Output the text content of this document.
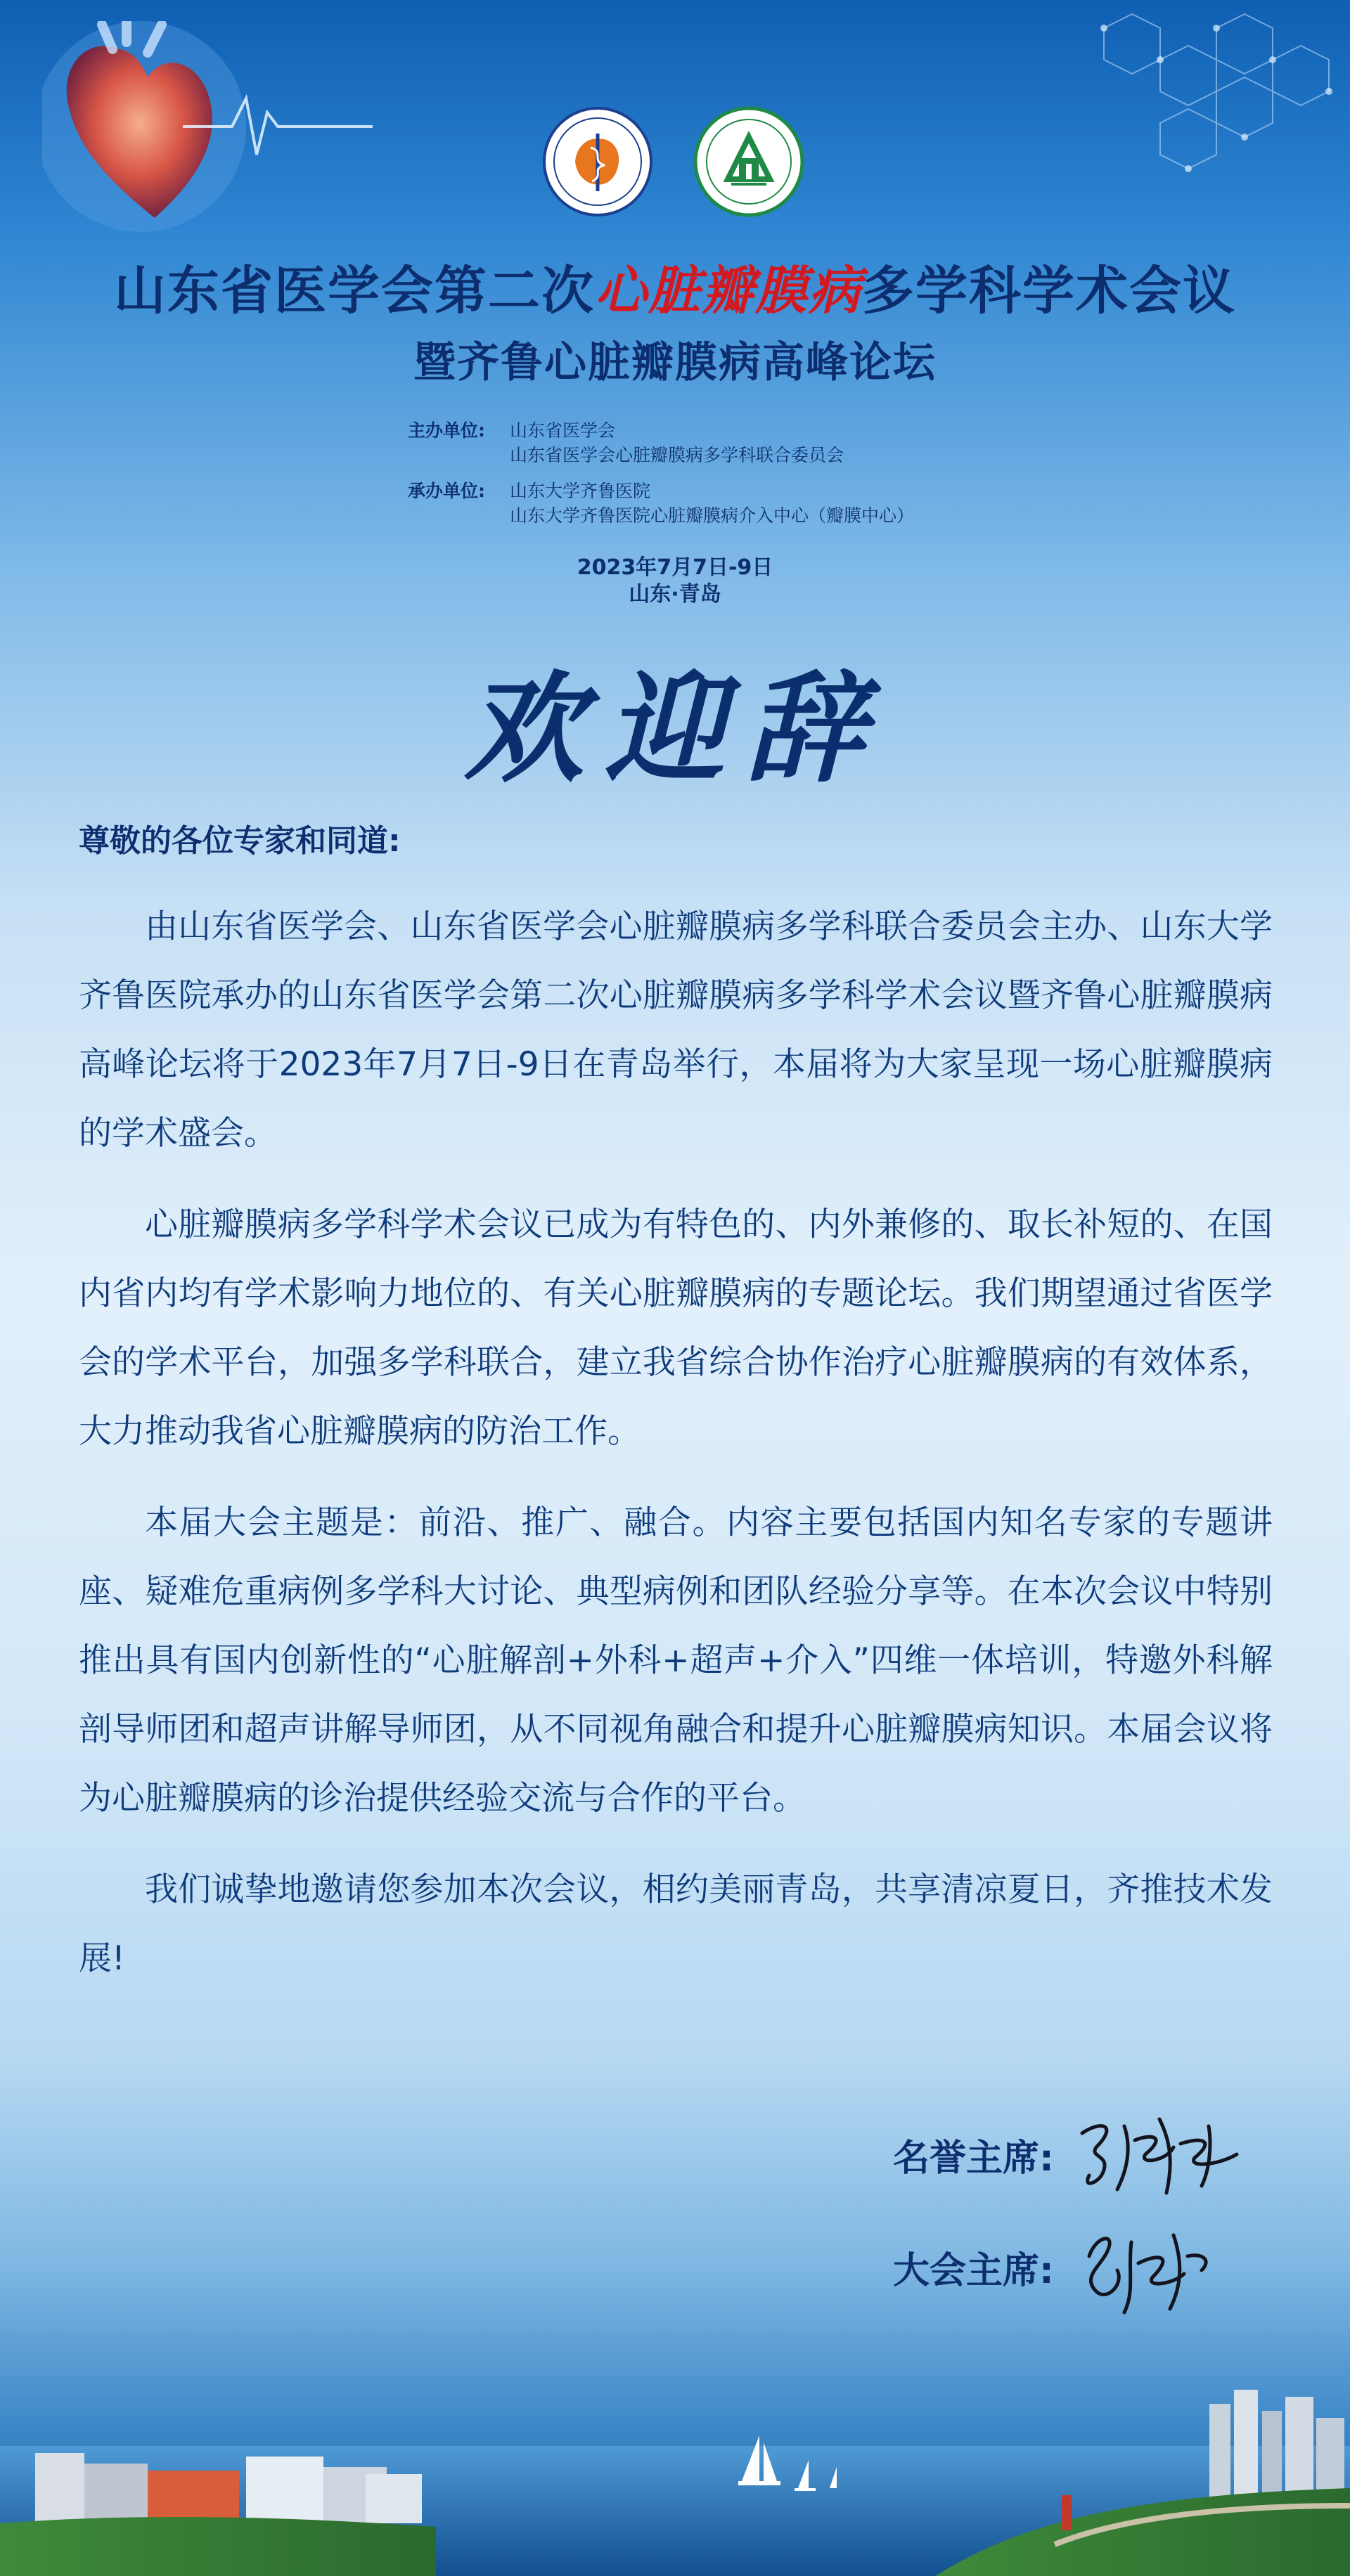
山东省医学会第二次心脏瓣膜病多学科学术会议
暨齐鲁心脏瓣膜病高峰论坛
主办单位:	山东省医学会
山东省医学会心脏瓣膜病多学科联合委员会
承办单位:	山东大学齐鲁医院
山东大学齐鲁医院心脏瓣膜病介入中心（瓣膜中心）
2023年7月7日-9日
山东·青岛
欢迎辞
尊敬的各位专家和同道:

由山东省医学会、山东省医学会心脏瓣膜病多学科联合委员会主办、山东大学齐鲁医院承办的山东省医学会第二次心脏瓣膜病多学科学术会议暨齐鲁心脏瓣膜病高峰论坛将于2023年7月7日-9日在青岛举行，本届将为大家呈现一场心脏瓣膜病的学术盛会。

心脏瓣膜病多学科学术会议已成为有特色的、内外兼修的、取长补短的、在国内省内均有学术影响力地位的、有关心脏瓣膜病的专题论坛。我们期望通过省医学会的学术平台，加强多学科联合，建立我省综合协作治疗心脏瓣膜病的有效体系，大力推动我省心脏瓣膜病的防治工作。

本届大会主题是：前沿、推广、融合。内容主要包括国内知名专家的专题讲座、疑难危重病例多学科大讨论、典型病例和团队经验分享等。在本次会议中特别推出具有国内创新性的“心脏解剖+外科+超声+介入”四维一体培训，特邀外科解剖导师团和超声讲解导师团，从不同视角融合和提升心脏瓣膜病知识。本届会议将为心脏瓣膜病的诊治提供经验交流与合作的平台。

我们诚挚地邀请您参加本次会议，相约美丽青岛，共享清凉夏日，齐推技术发展!

名誉主席:
大会主席:
